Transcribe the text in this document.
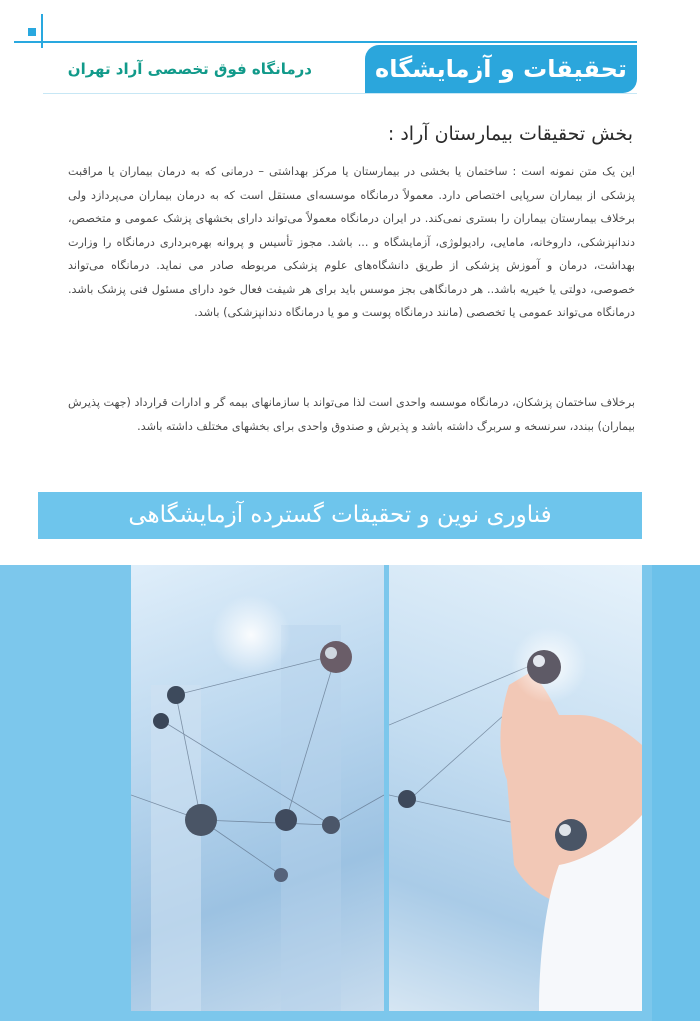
تحقیقات و آزمایشگاه
درمانگاه فوق تخصصی آراد تهران
بخش تحقیقات بیمارستان آراد :

این یک متن نمونه است : ساختمان یا بخشی در بیمارستان یا مرکز بهداشتی – درمانی که به درمان بیماران یا مراقبت پزشکی از بیماران سرپایی اختصاص دارد. معمولاً درمانگاه موسسه‌ای مستقل است که به درمان بیماران می‌پردازد ولی برخلاف بیمارستان بیماران را بستری نمی‌کند. در ایران درمانگاه معمولاً می‌تواند دارای بخشهای پزشک عمومی و متخصص، دندانپزشکی، داروخانه، مامایی، رادیولوژی، آزمایشگاه و ... باشد. مجوز تأسیس و پروانه بهره‌برداری درمانگاه را وزارت بهداشت، درمان و آموزش پزشکی از طریق دانشگاه‌های علوم پزشکی مربوطه صادر می نماید. درمانگاه می‌تواند خصوصی، دولتی یا خیریه باشد.. هر درمانگاهی بجز موسس باید برای هر شیفت فعال خود دارای مسئول فنی پزشک باشد. درمانگاه می‌تواند عمومی یا تخصصی (مانند درمانگاه پوست و مو یا درمانگاه دندانپزشکی) باشد.

برخلاف ساختمان پزشکان، درمانگاه موسسه واحدی است لذا می‌تواند با سازمانهای بیمه گر و ادارات قرارداد (جهت پذیرش بیماران) ببندد، سرنسخه و سربرگ داشته باشد و پذیرش و صندوق واحدی برای بخشهای مختلف داشته باشد.

فناوری نوین و تحقیقات گسترده آزمایشگاهی
